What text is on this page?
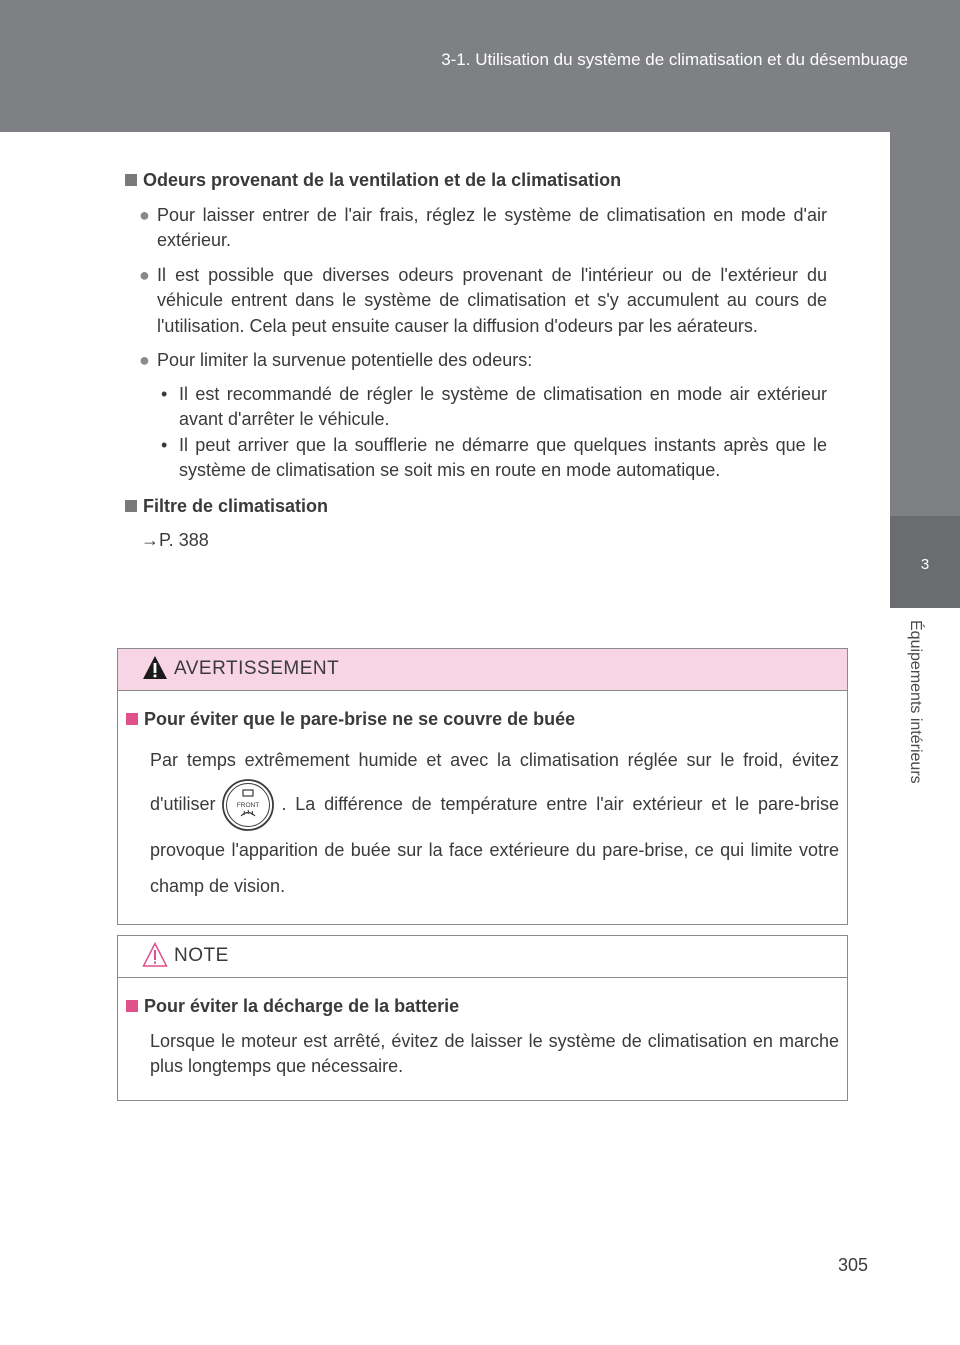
3-1. Utilisation du système de climatisation et du désembuage
3
Équipements intérieurs
Odeurs provenant de la ventilation et de la climatisation
● Pour laisser entrer de l'air frais, réglez le système de climatisation en mode d'air extérieur.
● Il est possible que diverses odeurs provenant de l'intérieur ou de l'extérieur du véhicule entrent dans le système de climatisation et s'y accumulent au cours de l'utilisation. Cela peut ensuite causer la diffusion d'odeurs par les aérateurs.
● Pour limiter la survenue potentielle des odeurs:
• Il est recommandé de régler le système de climatisation en mode air extérieur avant d'arrêter le véhicule.
• Il peut arriver que la soufflerie ne démarre que quelques instants après que le système de climatisation se soit mis en route en mode automatique.
Filtre de climatisation
→P. 388
AVERTISSEMENT
Pour éviter que le pare-brise ne se couvre de buée
Par temps extrêmement humide et avec la climatisation réglée sur le froid, évitez d'utiliser	FRONT . La différence de température entre l'air extérieur et le pare-brise provoque l'apparition de buée sur la face extérieure du pare-brise, ce qui limite votre champ de vision.
NOTE
Pour éviter la décharge de la batterie
Lorsque le moteur est arrêté, évitez de laisser le système de climatisation en marche plus longtemps que nécessaire.
305
